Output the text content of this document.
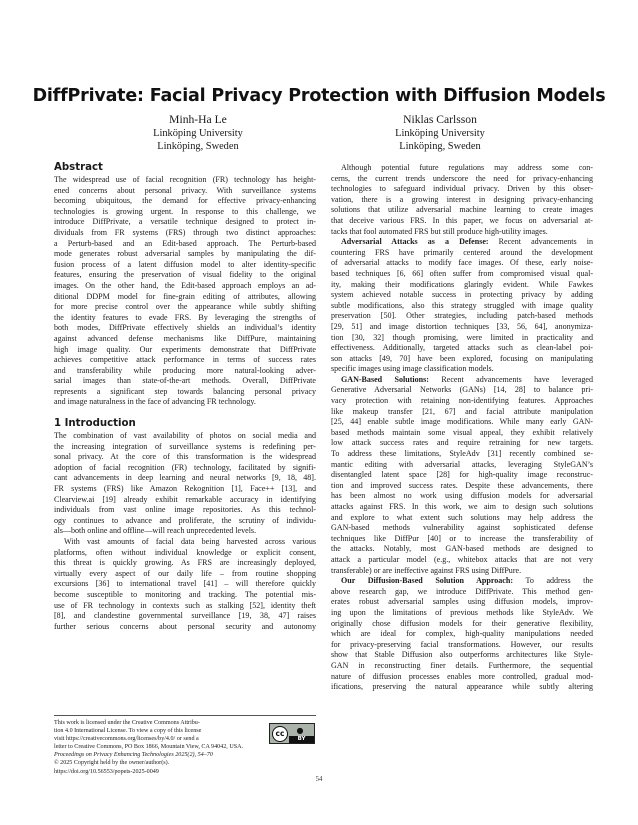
DiffPrivate: Facial Privacy Protection with Diffusion Models
Minh-Ha Le
Linköping University
Linköping, Sweden
Niklas Carlsson
Linköping University
Linköping, Sweden
Abstract
The widespread use of facial recognition (FR) technology has height-
ened concerns about personal privacy. With surveillance systems
becoming ubiquitous, the demand for effective privacy-enhancing
technologies is growing urgent. In response to this challenge, we
introduce DiffPrivate, a versatile technique designed to protect in-
dividuals from FR systems (FRS) through two distinct approaches:
a Perturb-based and an Edit-based approach. The Perturb-based
mode generates robust adversarial samples by manipulating the dif-
fusion process of a latent diffusion model to alter identity-specific
features, ensuring the preservation of visual fidelity to the original
images. On the other hand, the Edit-based approach employs an ad-
ditional DDPM model for fine-grain editing of attributes, allowing
for more precise control over the appearance while subtly shifting
the identity features to evade FRS. By leveraging the strengths of
both modes, DiffPrivate effectively shields an individual’s identity
against advanced defense mechanisms like DiffPure, maintaining
high image quality. Our experiments demonstrate that DiffPrivate
achieves competitive attack performance in terms of success rates
and transferability while producing more natural-looking adver-
sarial images than state-of-the-art methods. Overall, DiffPrivate
represents a significant step towards balancing personal privacy
and image naturalness in the face of advancing FR technology.
1 Introduction
The combination of vast availability of photos on social media and
the increasing integration of surveillance systems is redefining per-
sonal privacy. At the core of this transformation is the widespread
adoption of facial recognition (FR) technology, facilitated by signifi-
cant advancements in deep learning and neural networks [9, 18, 48].
FR systems (FRS) like Amazon Rekognition [1], Face++ [13], and
Clearview.ai [19] already exhibit remarkable accuracy in identifying
individuals from vast online image repositories. As this technol-
ogy continues to advance and proliferate, the scrutiny of individu-
als—both online and offline—will reach unprecedented levels.
With vast amounts of facial data being harvested across various
platforms, often without individual knowledge or explicit consent,
this threat is quickly growing. As FRS are increasingly deployed,
virtually every aspect of our daily life – from routine shopping
excursions [36] to international travel [41] – will therefore quickly
become susceptible to monitoring and tracking. The potential mis-
use of FR technology in contexts such as stalking [52], identity theft
[8], and clandestine governmental surveillance [19, 38, 47] raises
further serious concerns about personal security and autonomy
Although potential future regulations may address some con-
cerns, the current trends underscore the need for privacy-enhancing
technologies to safeguard individual privacy. Driven by this obser-
vation, there is a growing interest in designing privacy-enhancing
solutions that utilize adversarial machine learning to create images
that deceive various FRS. In this paper, we focus on adversarial at-
tacks that fool automated FRS but still produce high-utility images.
Adversarial Attacks as a Defense: Recent advancements in
countering FRS have primarily centered around the development
of adversarial attacks to modify face images. Of these, early noise-
based techniques [6, 66] often suffer from compromised visual qual-
ity, making their modifications glaringly evident. While Fawkes
system achieved notable success in protecting privacy by adding
subtle modifications, also this strategy struggled with image quality
preservation [50]. Other strategies, including patch-based methods
[29, 51] and image distortion techniques [33, 56, 64], anonymiza-
tion [30, 32] though promising, were limited in practicality and
effectiveness. Additionally, targeted attacks such as clean-label poi-
son attacks [49, 70] have been explored, focusing on manipulating
specific images using image classification models.
GAN-Based Solutions: Recent advancements have leveraged
Generative Adversarial Networks (GANs) [14, 28] to balance pri-
vacy protection with retaining non-identifying features. Approaches
like makeup transfer [21, 67] and facial attribute manipulation
[25, 44] enable subtle image modifications. While many early GAN-
based methods maintain some visual appeal, they exhibit relatively
low attack success rates and require retraining for new targets.
To address these limitations, StyleAdv [31] recently combined se-
mantic editing with adversarial attacks, leveraging StyleGAN’s
disentangled latent space [28] for high-quality image reconstruc-
tion and improved success rates. Despite these advancements, there
has been almost no work using diffusion models for adversarial
attacks against FRS. In this work, we aim to design such solutions
and explore to what extent such solutions may help address the
GAN-based methods vulnerability against sophisticated defense
techniques like DiffPur [40] or to increase the transferability of
the attacks. Notably, most GAN-based methods are designed to
attack a particular model (e.g., whitebox attacks that are not very
transferable) or are ineffective against FRS using DiffPure.
Our Diffusion-Based Solution Approach: To address the
above research gap, we introduce DiffPrivate. This method gen-
erates robust adversarial samples using diffusion models, improv-
ing upon the limitations of previous methods like StyleAdv. We
originally chose diffusion models for their generative flexibility,
which are ideal for complex, high-quality manipulations needed
for privacy-preserving facial transformations. However, our results
show that Stable Diffusion also outperforms architectures like Style-
GAN in reconstructing finer details. Furthermore, the sequential
nature of diffusion processes enables more controlled, gradual mod-
ifications, preserving the natural appearance while subtly altering
This work is licensed under the Creative Commons Attribu-
tion 4.0 International License. To view a copy of this license
visit https://creativecommons.org/licenses/by/4.0/ or send a
letter to Creative Commons, PO Box 1866, Mountain View, CA 94042, USA.
Proceedings on Privacy Enhancing Technologies 2025(2), 54–70
© 2025 Copyright held by the owner/author(s).
https://doi.org/10.56553/popets-2025-0049
cc	●
BY
54
